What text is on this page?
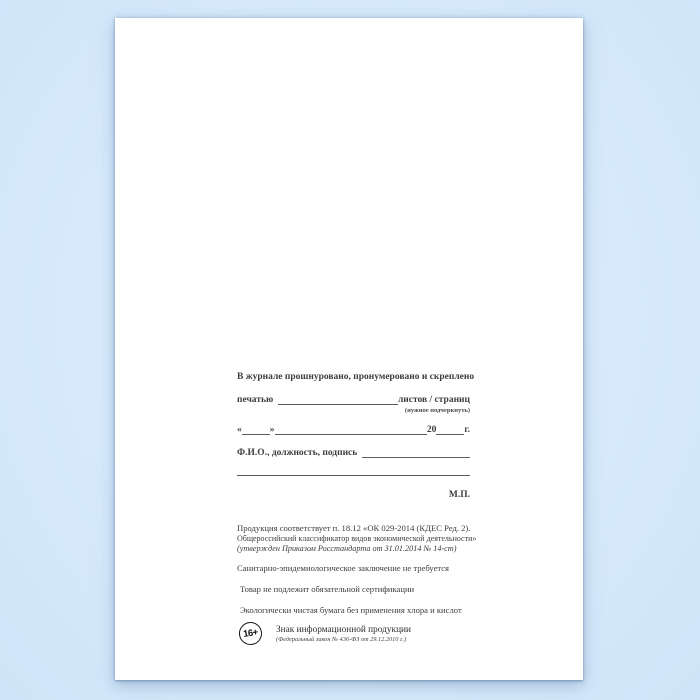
В журнале прошнуровано, пронумеровано и скреплено

печатью	листов / страниц
(нужное подчеркнуть)
«	»	20	г.
Ф.И.О., должность, подпись
М.П.

Продукция соответствует п. 18.12 «ОК 029-2014 (КДЕС Ред. 2).

Общероссийский классификатор видов экономической деятельности»

(утвержден Приказом Росстандарта от 31.01.2014 № 14-ст)

Санитарно-эпидемиологическое заключение не требуется

Товар не подлежит обязательной сертификации

Экологически чистая бумага без применения хлора и кислот

16+	Знак информационной продукции
(Федеральный закон № 436-ФЗ от 29.12.2010 г.)
